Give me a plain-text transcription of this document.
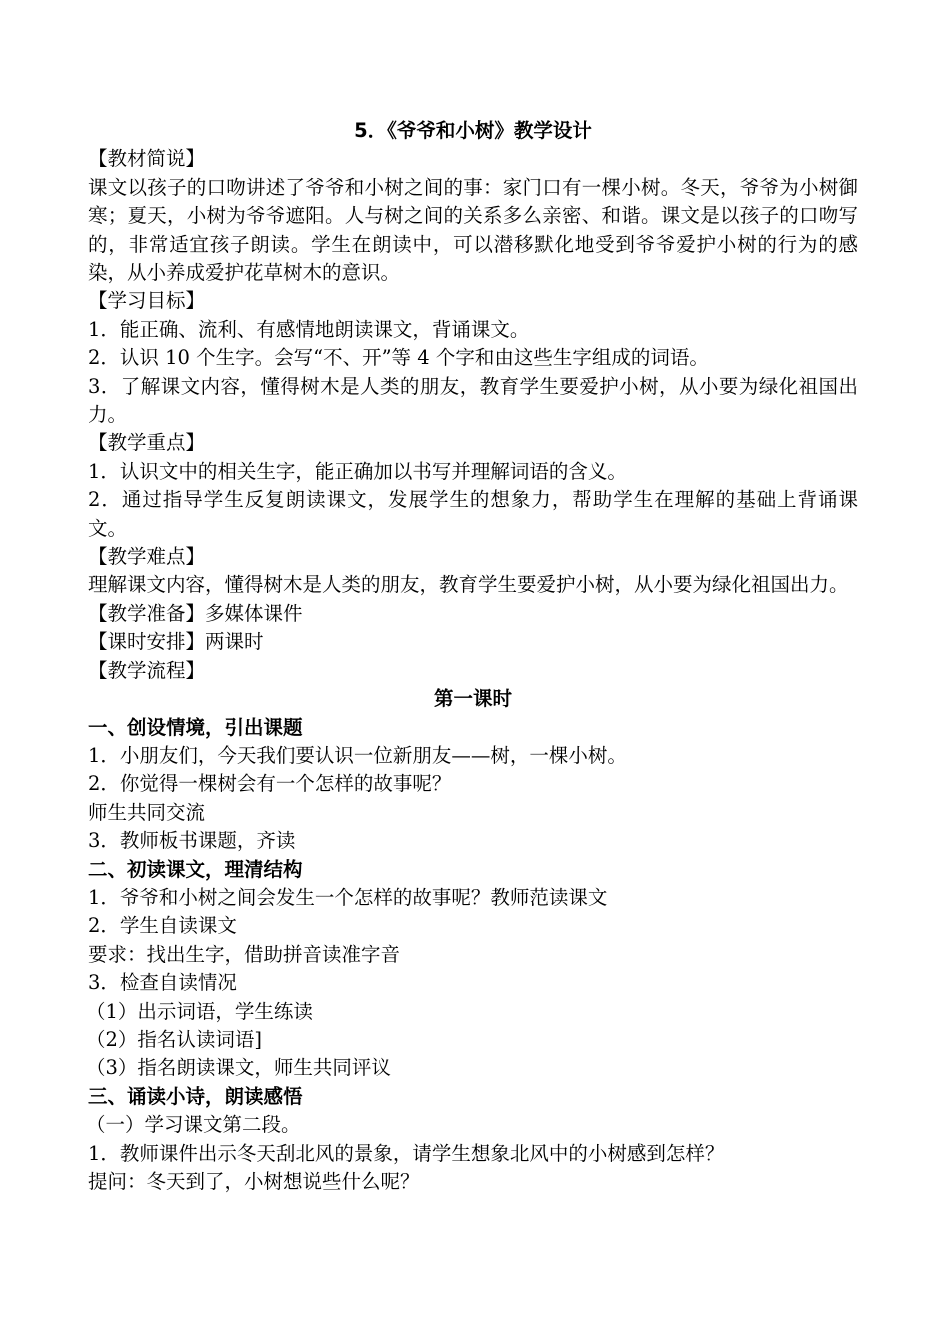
5．《爷爷和小树》教学设计
【教材简说】
课文以孩子的口吻讲述了爷爷和小树之间的事：家门口有一棵小树。冬天，爷爷为小树御寒；夏天，小树为爷爷遮阳。人与树之间的关系多么亲密、和谐。课文是以孩子的口吻写的，非常适宜孩子朗读。学生在朗读中，可以潜移默化地受到爷爷爱护小树的行为的感染，从小养成爱护花草树木的意识。
【学习目标】
1．能正确、流利、有感情地朗读课文，背诵课文。
2．认识 10 个生字。会写“不、开”等 4 个字和由这些生字组成的词语。
3．了解课文内容，懂得树木是人类的朋友，教育学生要爱护小树，从小要为绿化祖国出力。
【教学重点】
1．认识文中的相关生字，能正确加以书写并理解词语的含义。
2．通过指导学生反复朗读课文，发展学生的想象力，帮助学生在理解的基础上背诵课文。
【教学难点】
理解课文内容，懂得树木是人类的朋友，教育学生要爱护小树，从小要为绿化祖国出力。
【教学准备】多媒体课件
【课时安排】两课时
【教学流程】
第一课时
一、创设情境，引出课题
1．小朋友们，今天我们要认识一位新朋友——树，一棵小树。
2．你觉得一棵树会有一个怎样的故事呢？
师生共同交流
3．教师板书课题，齐读
二、初读课文，理清结构
1．爷爷和小树之间会发生一个怎样的故事呢？教师范读课文
2．学生自读课文
要求：找出生字，借助拼音读准字音
3．检查自读情况
（1）出示词语，学生练读
（2）指名认读词语]
（3）指名朗读课文，师生共同评议
三、诵读小诗，朗读感悟
（一）学习课文第二段。
1．教师课件出示冬天刮北风的景象，请学生想象北风中的小树感到怎样？
提问：冬天到了，小树想说些什么呢？
